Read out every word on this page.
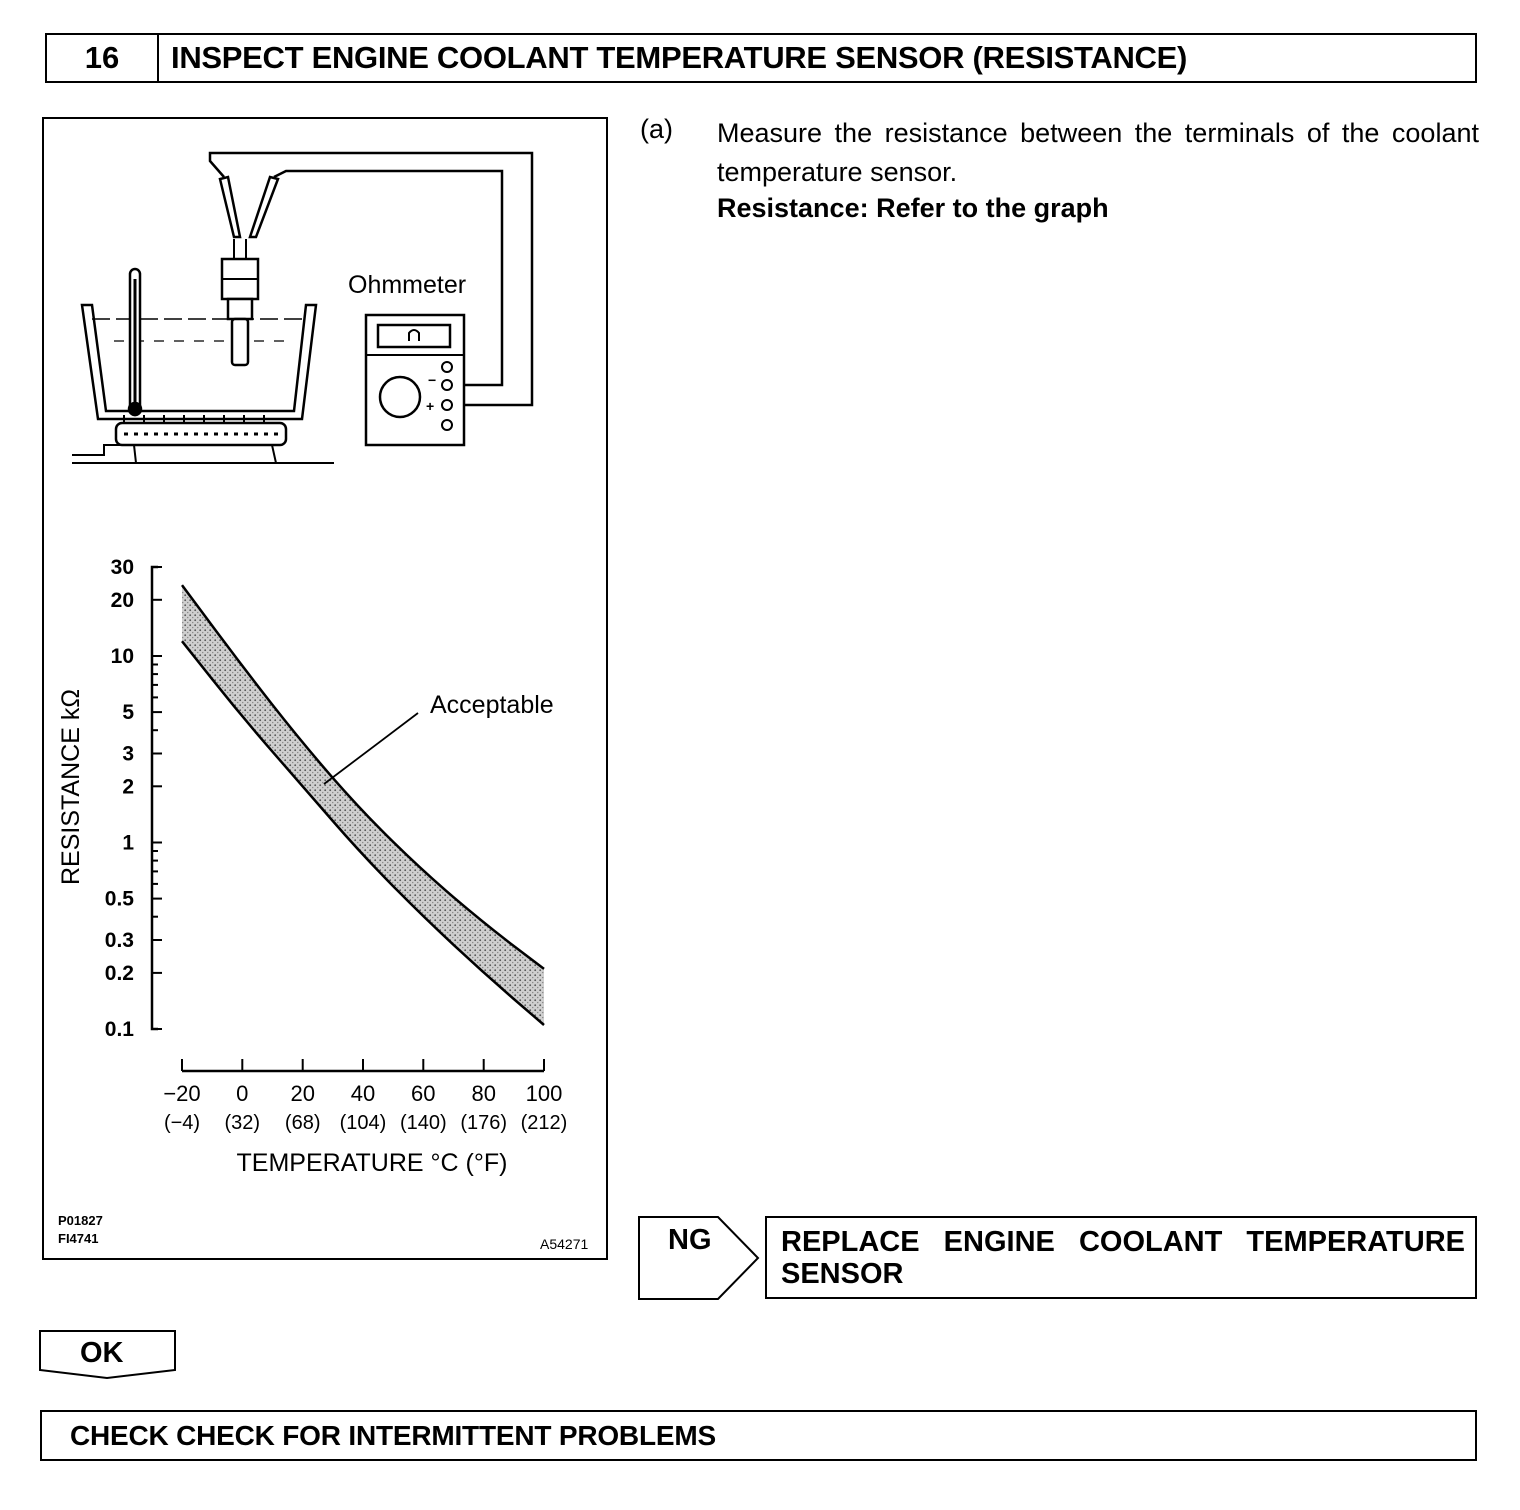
16	INSPECT ENGINE COOLANT TEMPERATURE SENSOR (RESISTANCE)
Ohmmeter
−
+
30
20
10
5
3
2
1
0.5
0.3
0.2
0.1
RESISTANCE kΩ
−20 0 20 40 60 80 100
(−4) (32) (68) (104) (140) (176) (212)
TEMPERATURE °C (°F)
Acceptable
P01827
FI4741	A54271
(a) Measure the resistance between the terminals of the coolant temperature sensor.
Resistance: Refer to the graph
NG REPLACE ENGINE COOLANT TEMPERATURE SENSOR
OK
CHECK CHECK FOR INTERMITTENT PROBLEMS
